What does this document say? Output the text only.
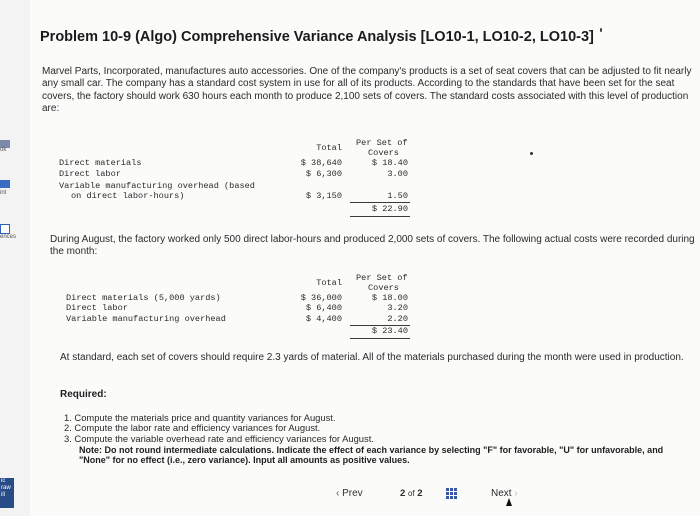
ok
int
ences
ic
raw
ill
Problem 10-9 (Algo) Comprehensive Variance Analysis [LO10-1, LO10-2, LO10-3]
Marvel Parts, Incorporated, manufactures auto accessories. One of the company's products is a set of seat covers that can be adjusted to fit nearly any small car. The company has a standard cost system in use for all of its products. According to the standards that have been set for the seat covers, the factory should work 630 hours each month to produce 2,100 sets of covers. The standard costs associated with this level of production are:
Total Per Set of
Covers
Direct materials	$ 38,640	$ 18.40
Direct labor	$ 6,300	3.00
Variable manufacturing overhead (based
on direct labor-hours)	$ 3,150	1.50
$ 22.90
During August, the factory worked only 500 direct labor-hours and produced 2,000 sets of covers. The following actual costs were recorded during the month:
Total Per Set of
Covers
Direct materials (5,000 yards)	$ 36,000	$ 18.00
Direct labor	$ 6,400	3.20
Variable manufacturing overhead	$ 4,400	2.20
$ 23.40
At standard, each set of covers should require 2.3 yards of material. All of the materials purchased during the month were used in production.
Required:
1. Compute the materials price and quantity variances for August.
2. Compute the labor rate and efficiency variances for August.
3. Compute the variable overhead rate and efficiency variances for August.
Note: Do not round intermediate calculations. Indicate the effect of each variance by selecting "F" for favorable, "U" for unfavorable, and "None" for no effect (i.e., zero variance). Input all amounts as positive values.
‹ Prev	2 of 2	Next ›
